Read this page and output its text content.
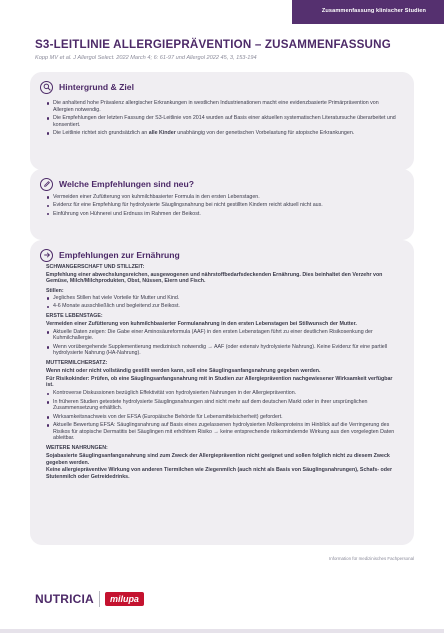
Zusammenfassung klinischer Studien
S3-LEITLINIE ALLERGIEPRÄVENTION – ZUSAMMENFASSUNG
Kopp MV et al. J Allergol Select. 2022 March 4; 6: 61-97 und Allergol 2022 45, 3, 153-194
Hintergrund & Ziel
Die anhaltend hohe Prävalenz allergischer Erkrankungen in westlichen Industrienationen macht eine evidenzbasierte Primärprävention von Allergien notwendig.
Die Empfehlungen der letzten Fassung der S3-Leitlinie von 2014 wurden auf Basis einer aktuellen systematischen Literatursuche überarbeitet und konsentiert.
Die Leitlinie richtet sich grundsätzlich an alle Kinder unabhängig von der genetischen Vorbelastung für atopische Erkrankungen.
Welche Empfehlungen sind neu?
Vermeiden einer Zufütterung von kuhmilchbasierter Formula in den ersten Lebenstagen.
Evidenz für eine Empfehlung für hydrolysierte Säuglingsnahrung bei nicht gestillten Kindern reicht aktuell nicht aus.
Einführung von Hühnerei und Erdnuss im Rahmen der Beikost.
Empfehlungen zur Ernährung
SCHWANGERSCHAFT UND STILLZEIT:
Empfehlung einer abwechslungsreichen, ausgewogenen und nährstoffbedarfsdeckenden Ernährung. Dies beinhaltet den Verzehr von Gemüse, Milch/Milchprodukten, Obst, Nüssen, Eiern und Fisch.
Stillen:
Jegliches Stillen hat viele Vorteile für Mutter und Kind.
4-6 Monate ausschließlich und begleitend zur Beikost.
ERSTE LEBENSTAGE:
Vermeiden einer Zufütterung von kuhmilchbasierter Formulanahrung in den ersten Lebenstagen bei Stillwunsch der Mutter.
Aktuelle Daten zeigen: Die Gabe einer Aminosäureformula (AAF) in den ersten Lebenstagen führt zu einer deutlichen Risikosenkung der Kuhmilchallergie.
Wenn vorübergehende Supplementierung medizinisch notwendig → AAF (oder extensiv hydrolysierte Nahrung). Keine Evidenz für eine partiell hydrolysierte Nahrung (HA-Nahrung).
MUTTERMILCHERSATZ:
Wenn nicht oder nicht vollständig gestillt werden kann, soll eine Säuglingsanfangsnahrung gegeben werden.
Für Risikokinder: Prüfen, ob eine Säuglingsanfangsnahrung mit in Studien zur Allergieprävention nachgewiesener Wirksamkeit verfügbar ist.
Kontroverse Diskussionen bezüglich Effektivität von hydrolysierten Nahrungen in der Allergieprävention.
In früheren Studien getestete hydrolysierte Säuglingsnahrungen sind nicht mehr auf dem deutschen Markt oder in ihrer ursprünglichen Zusammensetzung erhältlich.
Wirksamkeitsnachweis von der EFSA (Europäische Behörde für Lebensmittelsicherheit) gefordert.
Aktuelle Bewertung EFSA: Säuglingsnahrung auf Basis eines zugelassenen hydrolysierten Molkenproteins im Hinblick auf die Verringerung des Risikos für atopische Dermatitis bei Säuglingen mit erhöhtem Risiko → keine entsprechende risikomindernde Wirkung aus den vorgelegten Daten ableitbar.
WEITERE NAHRUNGEN:
Sojabasierte Säuglingsanfangsnahrung sind zum Zweck der Allergieprävention nicht geeignet und sollen folglich nicht zu diesem Zweck gegeben werden.
Keine allergiepräventive Wirkung von anderen Tiermilchen wie Ziegenmilch (auch nicht als Basis von Säuglingsnahrungen), Schafs- oder Stutenmilch oder Getreidedrinks.
Information für medizinisches Fachpersonal
NUTRICIA	milupa
